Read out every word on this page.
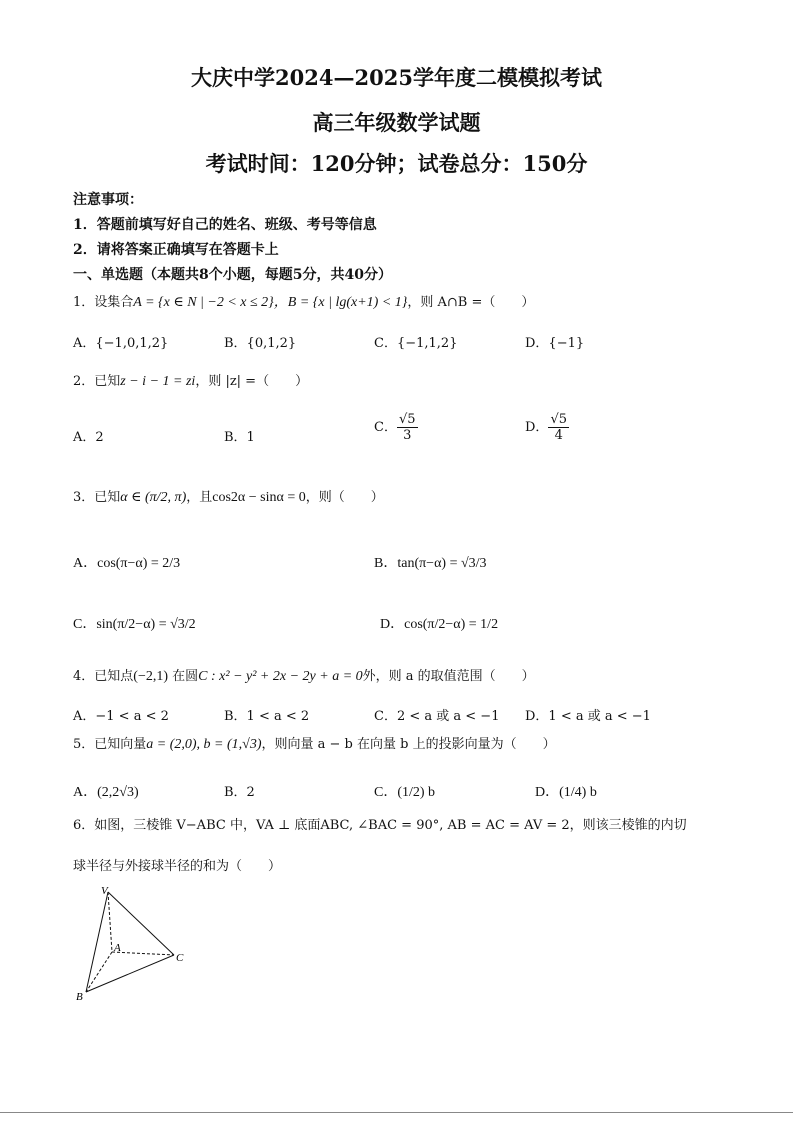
大庆中学2024—2025学年度二模模拟考试
高三年级数学试题
考试时间：120分钟；试卷总分：150分
注意事项：
1．答题前填写好自己的姓名、班级、考号等信息
2．请将答案正确填写在答题卡上
一、单选题（本题共8个小题，每题5分，共40分）
1．设集合A = {x ∈ N | −2 < x ≤ 2}，B = {x | lg(x+1) < 1}，则 A∩B =（　　）
A．{−1,0,1,2}	B．{0,1,2}	C．{−1,1,2}	D．{−1}
2．已知z − i − 1 = zi，则 |z| =（　　）
A．2	B．1
C． $\frac{√5}{3}$	D． $\frac{√5}{4}$
3．已知α ∈ (π/2, π)，且cos2α − sinα = 0，则（　　）
A．cos(π−α) = 2/3	B．tan(π−α) = √3/3
C．sin(π/2−α) = √3/2	D．cos(π/2−α) = 1/2
4．已知点(−2,1) 在圆C : x² − y² + 2x − 2y + a = 0外，则 a 的取值范围（　　）
A．−1 < a < 2	B．1 < a < 2	C．2 < a 或 a < −1 D．1 < a 或 a < −1
5．已知向量a = (2,0), b = (1,√3)，则向量 a − b 在向量 b 上的投影向量为（　　）
A．(2,2√3)	B．2	C．(1/2) b	D．(1/4) b
6．如图，三棱锥 V−ABC 中，VA ⊥ 底面ABC, ∠BAC = 90°, AB = AC = AV = 2，则该三棱锥的内切
球半径与外接球半径的和为（　　）
V
A
B
C
